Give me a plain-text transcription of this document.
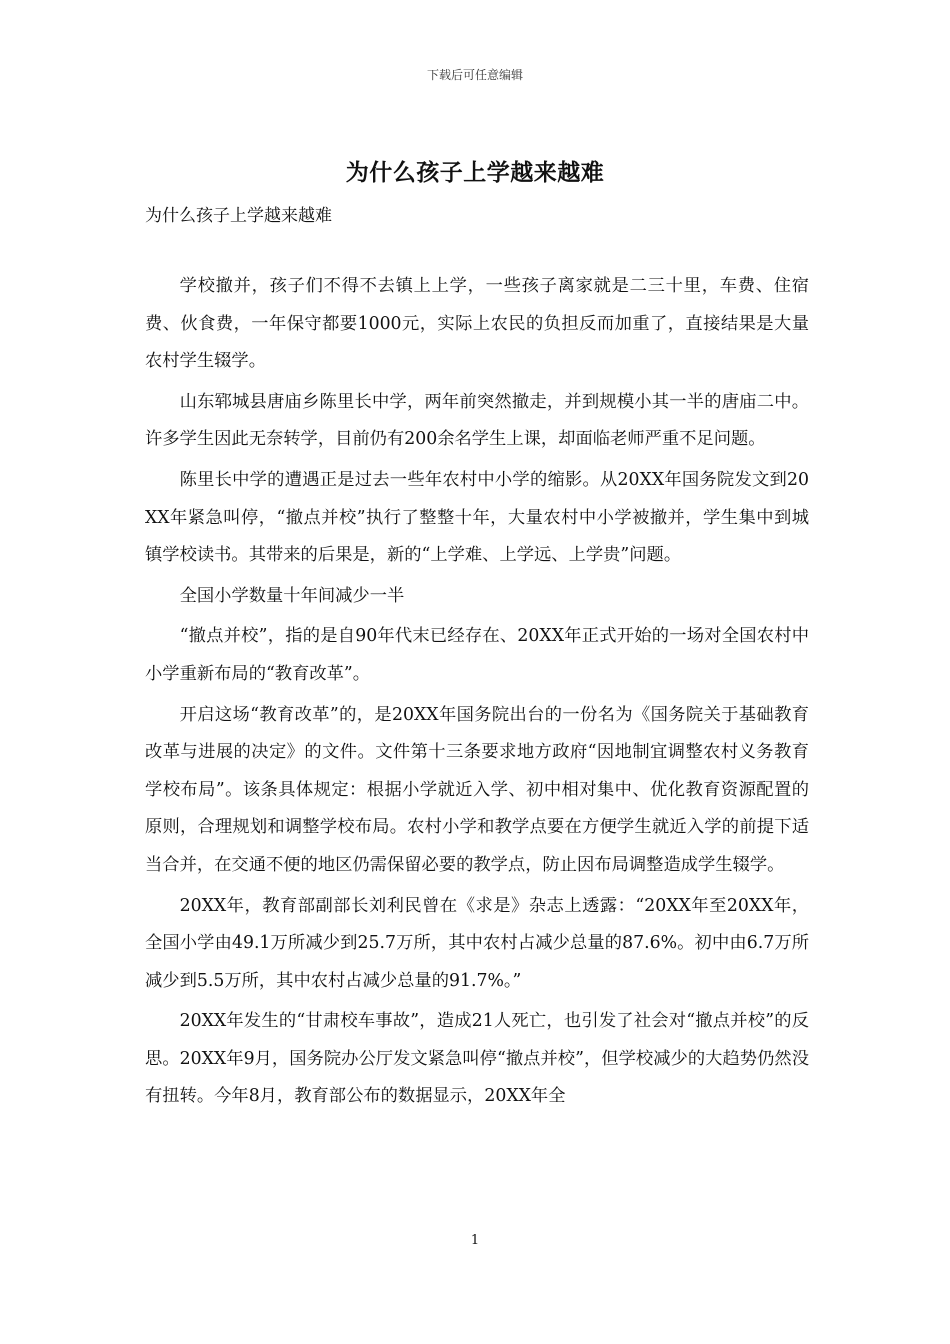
下载后可任意编辑
为什么孩子上学越来越难

为什么孩子上学越来越难

学校撤并，孩子们不得不去镇上上学，一些孩子离家就是二三十里，车费、住宿费、伙食费，一年保守都要1000元，实际上农民的负担反而加重了，直接结果是大量农村学生辍学。

山东郓城县唐庙乡陈里长中学，两年前突然撤走，并到规模小其一半的唐庙二中。许多学生因此无奈转学，目前仍有200余名学生上课，却面临老师严重不足问题。

陈里长中学的遭遇正是过去一些年农村中小学的缩影。从20XX年国务院发文到20XX年紧急叫停，“撤点并校”执行了整整十年，大量农村中小学被撤并，学生集中到城镇学校读书。其带来的后果是，新的“上学难、上学远、上学贵”问题。

全国小学数量十年间减少一半

“撤点并校”，指的是自90年代末已经存在、20XX年正式开始的一场对全国农村中小学重新布局的“教育改革”。

开启这场“教育改革”的，是20XX年国务院出台的一份名为《国务院关于基础教育改革与进展的决定》的文件。文件第十三条要求地方政府“因地制宜调整农村义务教育学校布局”。该条具体规定：根据小学就近入学、初中相对集中、优化教育资源配置的原则，合理规划和调整学校布局。农村小学和教学点要在方便学生就近入学的前提下适当合并，在交通不便的地区仍需保留必要的教学点，防止因布局调整造成学生辍学。

20XX年，教育部副部长刘利民曾在《求是》杂志上透露：“20XX年至20XX年，全国小学由49.1万所减少到25.7万所，其中农村占减少总量的87.6%。初中由6.7万所减少到5.5万所，其中农村占减少总量的91.7%。”

20XX年发生的“甘肃校车事故”，造成21人死亡，也引发了社会对“撤点并校”的反思。20XX年9月，国务院办公厅发文紧急叫停“撤点并校”，但学校减少的大趋势仍然没有扭转。今年8月，教育部公布的数据显示，20XX年全

1
